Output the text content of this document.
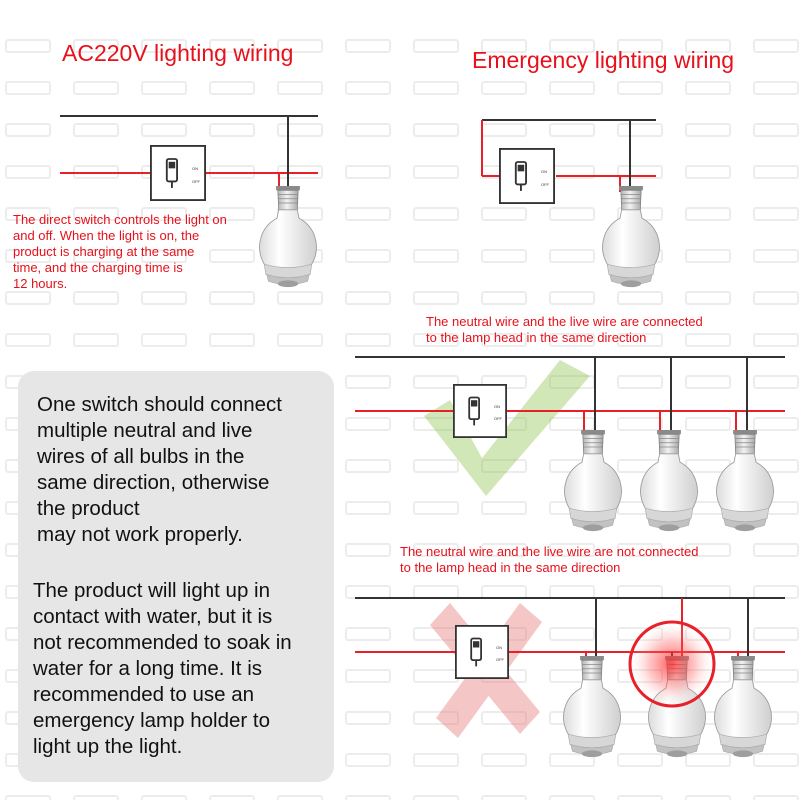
ON
OFF
ON
OFF
ON
OFF
ON
OFF
AC220V lighting wiring	Emergency lighting wiring
The direct switch controls the light on
and off. When the light is on, the
product is charging at the same
time, and the charging time is
12 hours.
The neutral wire and the live wire are connected
to the lamp head in the same direction
The neutral wire and the live wire are not connected
to the lamp head in the same direction
One switch should connect
multiple neutral and live
wires of all bulbs in the
same direction, otherwise
the product
may not work properly.
The product will light up in
contact with water, but it is
not recommended to soak in
water for a long time. It is
recommended to use an
emergency lamp holder to
light up the light.
